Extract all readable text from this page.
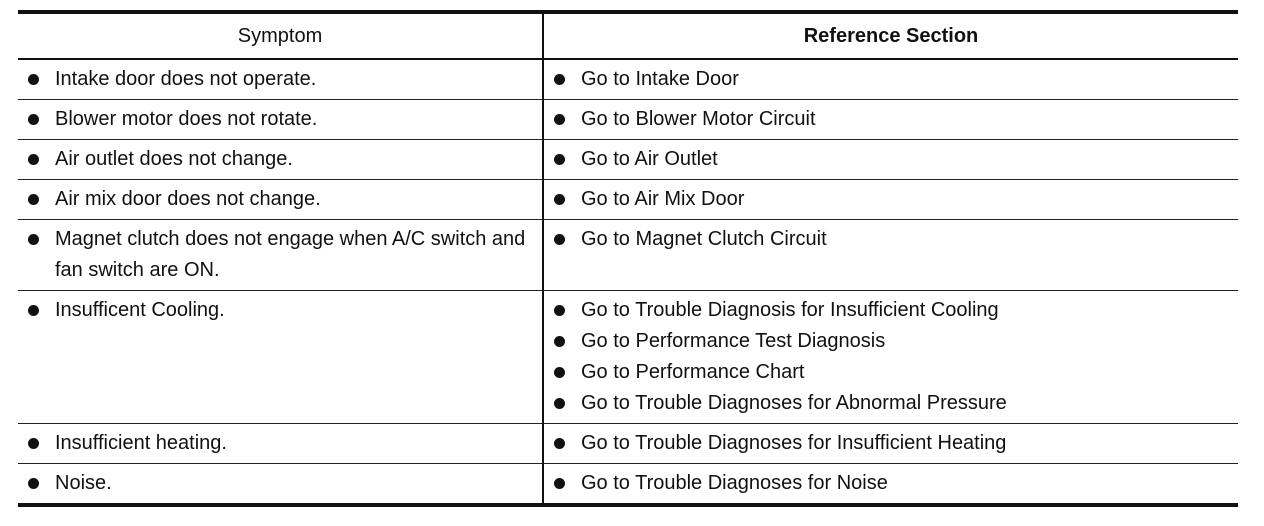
Symptom	Reference Section

Intake door does not operate.	Go to Intake Door

Blower motor does not rotate.	Go to Blower Motor Circuit

Air outlet does not change.	Go to Air Outlet

Air mix door does not change.	Go to Air Mix Door

Magnet clutch does not engage when A/C switch and fan switch are ON.	Go to Magnet Clutch Circuit

Insufficent Cooling.	Go to Trouble Diagnosis for Insufficient Cooling
Go to Performance Test Diagnosis
Go to Performance Chart
Go to Trouble Diagnoses for Abnormal Pressure

Insufficient heating.	Go to Trouble Diagnoses for Insufficient Heating

Noise.	Go to Trouble Diagnoses for Noise
